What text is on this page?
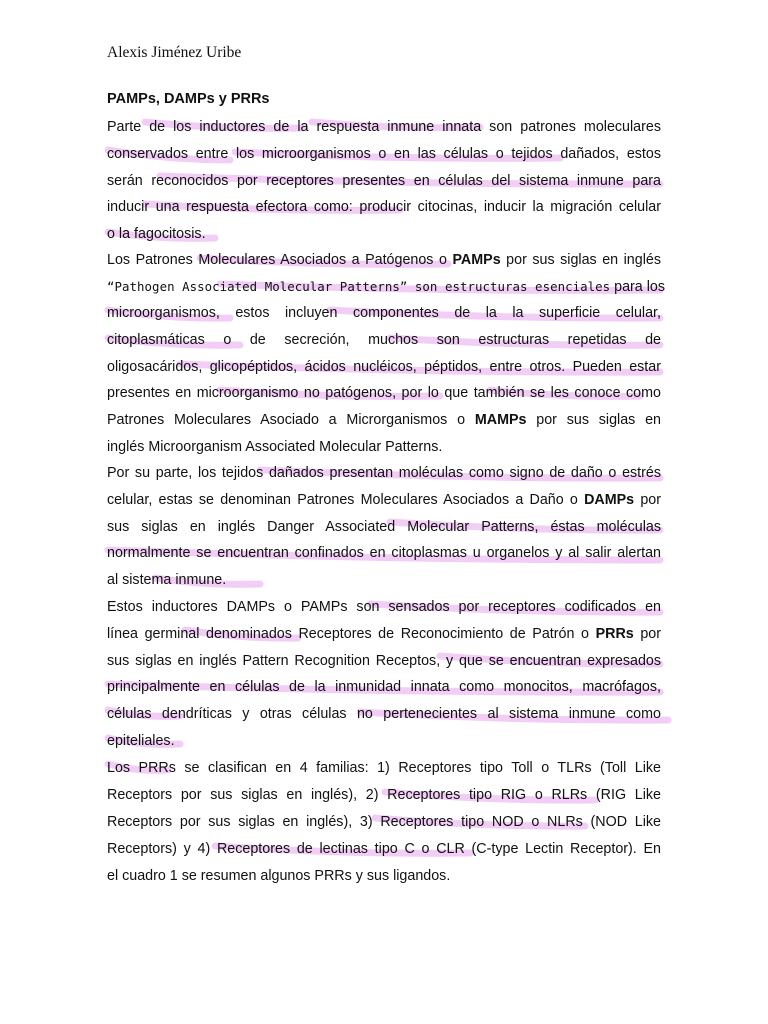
Alexis Jiménez Uribe
PAMPs, DAMPs y PRRs
Parte de los inductores de la respuesta inmune innata son patrones moleculares
conservados entre los microorganismos o en las células o tejidos dañados, estos
serán reconocidos por receptores presentes en células del sistema inmune para
inducir una respuesta efectora como: producir citocinas, inducir la migración celular
o la fagocitosis.
Los Patrones Moleculares Asociados a Patógenos o PAMPs por sus siglas en inglés
“Pathogen Associated Molecular Patterns” son estructuras esenciales para los
microorganismos, estos incluyen componentes de la la superficie celular,
citoplasmáticas o de secreción, muchos son estructuras repetidas de
oligosacáridos, glicopéptidos, ácidos nucléicos, péptidos, entre otros. Pueden estar
presentes en microorganismo no patógenos, por lo que también se les conoce como
Patrones Moleculares Asociado a Microrganismos o MAMPs por sus siglas en
inglés Microorganism Associated Molecular Patterns.
Por su parte, los tejidos dañados presentan moléculas como signo de daño o estrés
celular, estas se denominan Patrones Moleculares Asociados a Daño o DAMPs por
sus siglas en inglés Danger Associated Molecular Patterns, éstas moléculas
normalmente se encuentran confinados en citoplasmas u organelos y al salir alertan
al sistema inmune.
Estos inductores DAMPs o PAMPs son sensados por receptores codificados en
línea germinal denominados Receptores de Reconocimiento de Patrón o PRRs por
sus siglas en inglés Pattern Recognition Receptos, y que se encuentran expresados
principalmente en células de la inmunidad innata como monocitos, macrófagos,
células dendríticas y otras células no pertenecientes al sistema inmune como
epiteliales.
Los PRRs se clasifican en 4 familias: 1) Receptores tipo Toll o TLRs (Toll Like
Receptors por sus siglas en inglés), 2) Receptores tipo RIG o RLRs (RIG Like
Receptors por sus siglas en inglés), 3) Receptores tipo NOD o NLRs (NOD Like
Receptors) y 4) Receptores de lectinas tipo C o CLR (C-type Lectin Receptor). En
el cuadro 1 se resumen algunos PRRs y sus ligandos.
